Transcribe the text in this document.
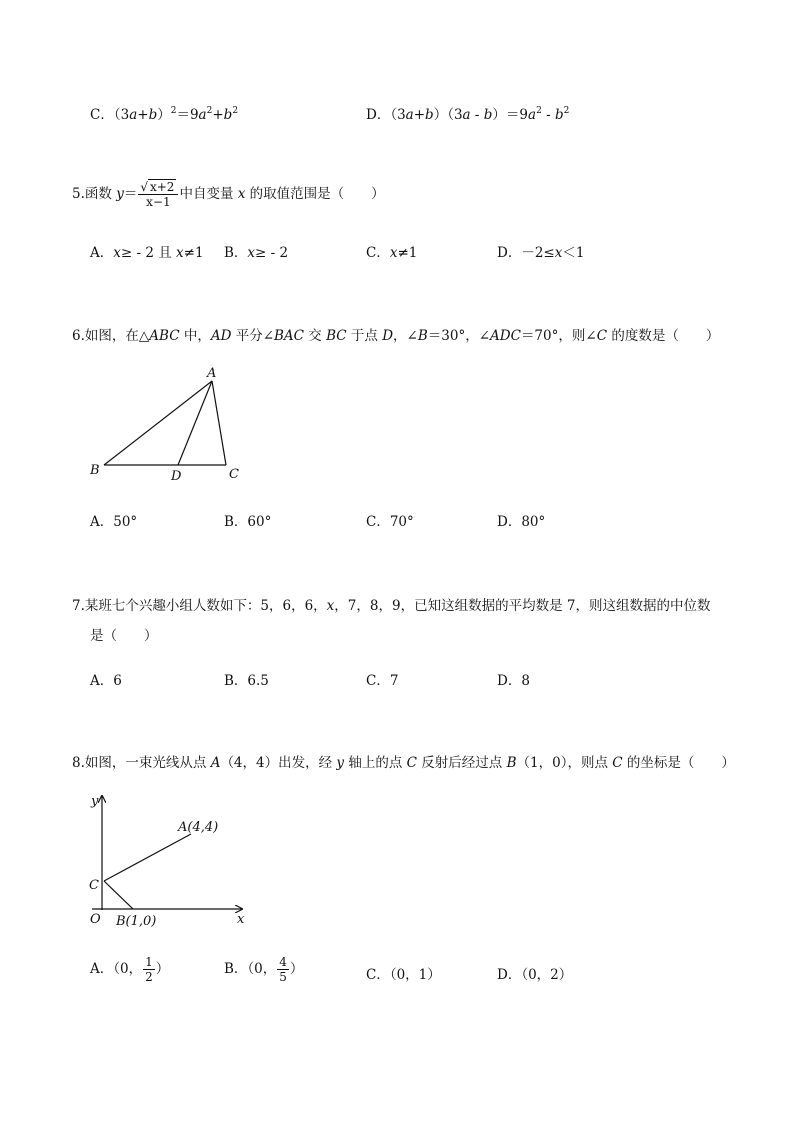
C．$(3a+b)^2=9a^2+b^2$	D．$(3a+b)(3a - b)=9a^2 - b^2$
5.函数 $y= \frac{√ x+2}{x-1}$ 中自变量 x 的取值范围是（　　）
A．x≥ - 2 且 x≠1 B．x≥ - 2	C．x≠1	D．－2≤x＜1
6.如图，在△ABC 中，AD 平分∠BAC 交 BC 于点 D，∠B＝30°，∠ADC＝70°，则∠C 的度数是（　　）
A
B	C
D
A．50°	B．60°	C．70°	D．80°
7.某班七个兴趣小组人数如下：5，6，6，x，7，8，9，已知这组数据的平均数是 7，则这组数据的中位数
是（　　）
A．6	B．6.5	C．7	D．8
8.如图，一束光线从点 A（4，4）出发，经 y 轴上的点 C 反射后经过点 B（1，0），则点 C 的坐标是（　　）
y
x
O
C
A(4,4)
B(1,0)
A．（0， $\frac{1}{2}$ ）	B．（0， $\frac{4}{5}$ ）	C．（0，1）	D．（0，2）
